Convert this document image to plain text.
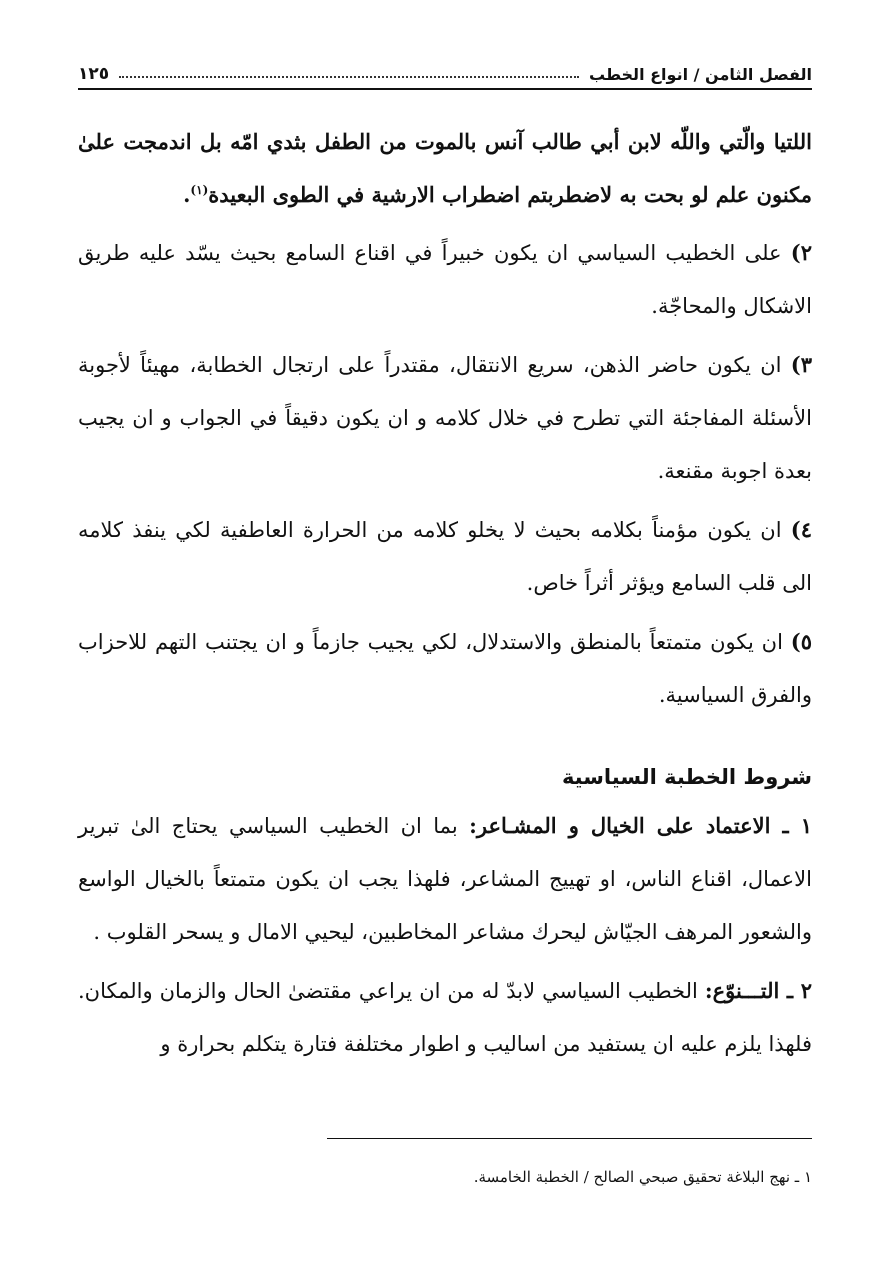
الفصل الثامن / انواع الخطب
١٢٥

اللتيا والّتي واللّه لابن أبي طالب آنس بالموت من الطفل بثدي امّه بل اندمجت علىٰ مكنون علم لو بحت به لاضطربتم اضطراب الارشية في الطوى البعيدة$^{(١)}$.

٢) على الخطيب السياسي ان يكون خبيراً في اقناع السامع بحيث يسّد عليه طريق الاشكال والمحاجّة.

٣) ان يكون حاضر الذهن، سريع الانتقال، مقتدراً على ارتجال الخطابة، مهيئاً لأجوبة الأسئلة المفاجئة التي تطرح في خلال كلامه و ان يكون دقيقاً في الجواب و ان يجيب بعدة اجوبة مقنعة.

٤) ان يكون مؤمناً بكلامه بحيث لا يخلو كلامه من الحرارة العاطفية لكي ينفذ كلامه الى قلب السامع ويؤثر أثراً خاص.

٥) ان يكون متمتعاً بالمنطق والاستدلال، لكي يجيب جازماً و ان يجتنب التهم للاحزاب والفرق السياسية.

شروط الخطبة السياسية

١ ـ الاعتماد على الخيال و المشـاعر: بما ان الخطيب السياسي يحتاج الىٰ تبرير الاعمال، اقناع الناس، او تهييج المشاعر، فلهذا يجب ان يكون متمتعاً بالخيال الواسع والشعور المرهف الجيّاش ليحرك مشاعر المخاطبين، ليحيي الامال و يسحر القلوب .

٢ ـ التـــنوّع: الخطيب السياسي لابدّ له من ان يراعي مقتضىٰ الحال والزمان والمكان. فلهذا يلزم عليه ان يستفيد من اساليب و اطوار مختلفة فتارة يتكلم بحرارة و

١ ـ نهج البلاغة تحقيق صبحي الصالح / الخطبة الخامسة.
